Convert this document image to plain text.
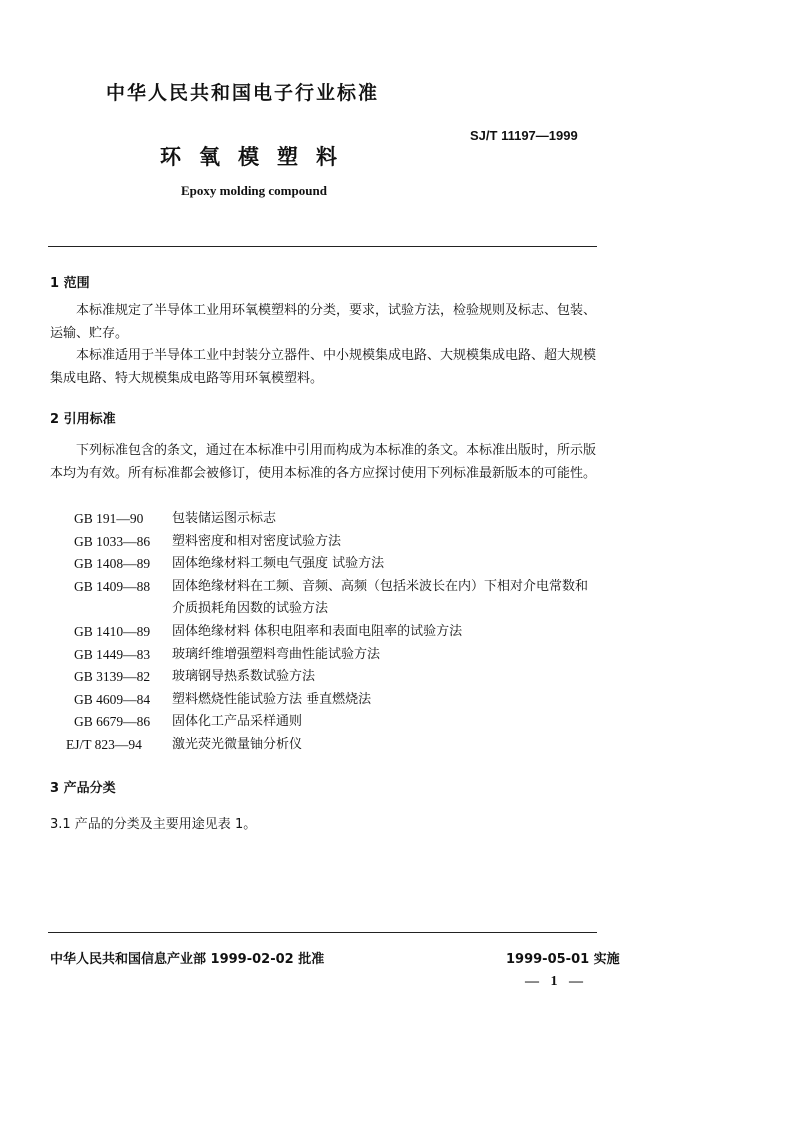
中华人民共和国电子行业标准
环氧模塑料
SJ/T 11197—1999
Epoxy molding compound
1 范围
本标准规定了半导体工业用环氧模塑料的分类，要求，试验方法，检验规则及标志、包装、运输、贮存。
本标准适用于半导体工业中封装分立器件、中小规模集成电路、大规模集成电路、超大规模集成电路、特大规模集成电路等用环氧模塑料。
2 引用标准
下列标准包含的条文，通过在本标准中引用而构成为本标准的条文。本标准出版时，所示版本均为有效。所有标准都会被修订，使用本标准的各方应探讨使用下列标准最新版本的可能性。
GB 191—90	包装储运图示标志
GB 1033—86	塑料密度和相对密度试验方法
GB 1408—89	固体绝缘材料工频电气强度 试验方法
GB 1409—88	固体绝缘材料在工频、音频、高频（包括米波长在内）下相对介电常数和
介质损耗角因数的试验方法
GB 1410—89	固体绝缘材料 体积电阻率和表面电阻率的试验方法
GB 1449—83	玻璃纤维增强塑料弯曲性能试验方法
GB 3139—82	玻璃钢导热系数试验方法
GB 4609—84	塑料燃烧性能试验方法 垂直燃烧法
GB 6679—86	固体化工产品采样通则
EJ/T 823—94	激光荧光微量铀分析仪
3 产品分类
3.1 产品的分类及主要用途见表 1。
中华人民共和国信息产业部 1999-02-02 批准	1999-05-01 实施
— 1 —
